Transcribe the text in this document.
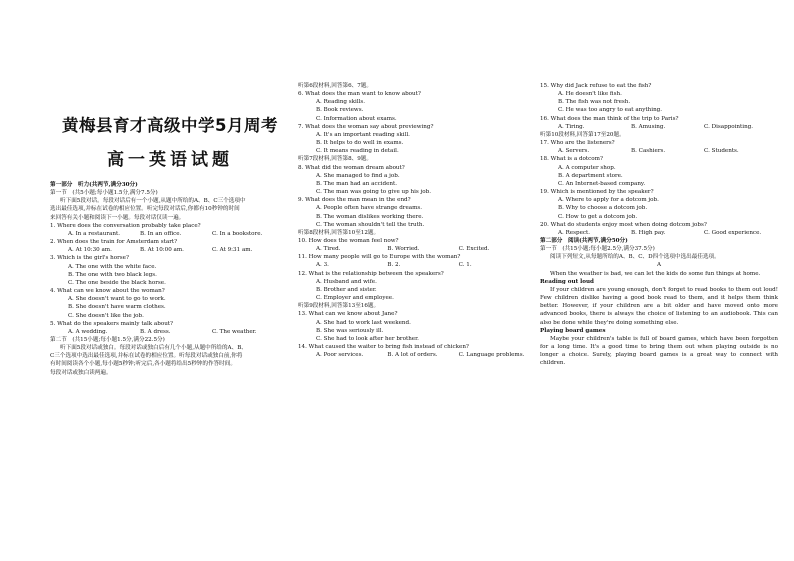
黄梅县育才高级中学5月周考
高一英语试题
第一部分　听力(共两节,满分30分)
第一节　(共5小题;每小题1.5分,满分7.5分)
听下面5段对话。每段对话后有一个小题,从题中所给的A、B、C三个选项中
选出最佳选项,并标在试卷的相应位置。听完每段对话后,你都有10秒钟的时间
来回答有关小题和阅读下一小题。每段对话仅读一遍。
1. Where does the conversation probably take place?
A. In a restaurant.	B. In an office.	C. In a bookstore.
2. When does the train for Amsterdam start?
A. At 10:30 am.	B. At 10:00 am.	C. At 9:31 am.
3. Which is the girl's horse?
A. The one with the white face.
B. The one with two black legs.
C. The one beside the black horse.
4. What can we know about the woman?
A. She doesn't want to go to work.
B. She doesn't have warm clothes.
C. She doesn't like the job.
5. What do the speakers mainly talk about?
A. A wedding.	B. A dress.	C. The weather.
第二节　(共15小题;每小题1.5分,满分22.5分)
听下面5段对话或独白。每段对话或独白后有几个小题,从题中所给的A、B、
C三个选项中选出最佳选项,并标在试卷的相应位置。听每段对话或独白前,你将
有时间阅读各个小题,每小题5秒钟;听完后,各小题将给出5秒钟的作答时间。
每段对话或独白读两遍。
听第6段材料,回答第6、7题。
6. What does the man want to know about?
A. Reading skills.
B. Book reviews.
C. Information about exams.
7. What does the woman say about previewing?
A. It's an important reading skill.
B. It helps to do well in exams.
C. It means reading in detail.
听第7段材料,回答第8、9题。
8. What did the woman dream about?
A. She managed to find a job.
B. The man had an accident.
C. The man was going to give up his job.
9. What does the man mean in the end?
A. People often have strange dreams.
B. The woman dislikes working there.
C. The woman shouldn't tell the truth.
听第8段材料,回答第10至12题。
10. How does the woman feel now?
A. Tired.	B. Worried.	C. Excited.
11. How many people will go to Europe with the woman?
A. 3.	B. 2.	C. 1.
12. What is the relationship between the speakers?
A. Husband and wife.
B. Brother and sister.
C. Employer and employee.
听第9段材料,回答第13至16题。
13. What can we know about Jane?
A. She had to work last weekend.
B. She was seriously ill.
C. She had to look after her brother.
14. What caused the waiter to bring fish instead of chicken?
A. Poor services.	B. A lot of orders.	C. Language problems.
15. Why did Jack refuse to eat the fish?
A. He doesn't like fish.
B. The fish was not fresh.
C. He was too angry to eat anything.
16. What does the man think of the trip to Paris?
A. Tiring.	B. Amusing.	C. Disappointing.
听第10段材料,回答第17至20题。
17. Who are the listeners?
A. Servers.	B. Cashiers.	C. Students.
18. What is a dotcom?
A. A computer shop.
B. A department store.
C. An Internet-based company.
19. Which is mentioned by the speaker?
A. Where to apply for a dotcom job.
B. Why to choose a dotcom job.
C. How to get a dotcom job.
20. What do students enjoy most when doing dotcom jobs?
A. Respect.	B. High pay.	C. Good experience.
第二部分　阅读(共两节,满分50分)
第一节　(共15小题;每小题2.5分,满分37.5分)
阅读下列短文,从每题所给的A、B、C、D四个选项中选出最佳选项。
A
When the weather is bad, we can let the kids do some fun things at home.
Reading out loud
If your children are young enough, don't forget to read books to them out loud! Few children dislike having a good book read to them, and it helps them think better. However, if your children are a bit older and have moved onto more advanced books, there is always the choice of listening to an audiobook. This can also be done while they're doing something else.
Playing board games
Maybe your children's table is full of board games, which have been forgotten for a long time. It's a good time to bring them out when playing outside is no longer a choice. Surely, playing board games is a great way to connect with children.
